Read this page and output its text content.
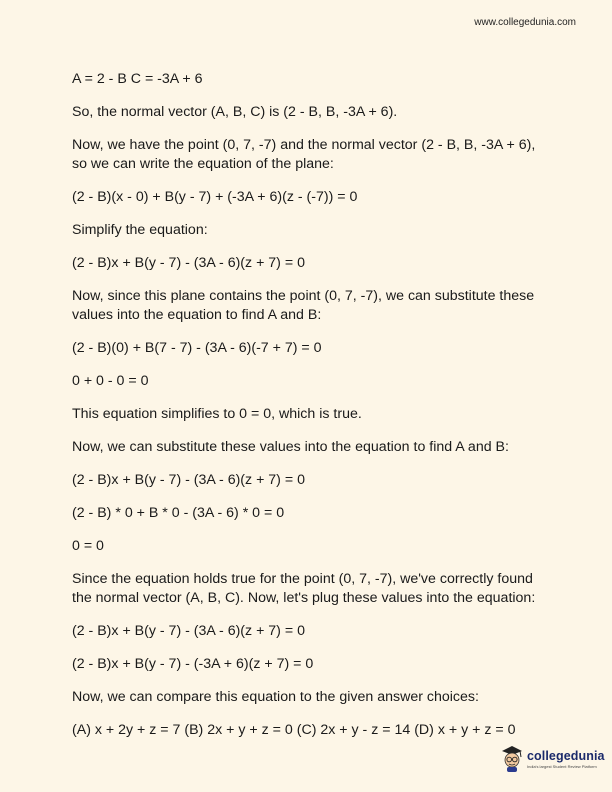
www.collegedunia.com

A = 2 - B C = -3A + 6

So, the normal vector (A, B, C) is (2 - B, B, -3A + 6).

Now, we have the point (0, 7, -7) and the normal vector (2 - B, B, -3A + 6), so we can write the equation of the plane:

(2 - B)(x - 0) + B(y - 7) + (-3A + 6)(z - (-7)) = 0

Simplify the equation:

(2 - B)x + B(y - 7) - (3A - 6)(z + 7) = 0

Now, since this plane contains the point (0, 7, -7), we can substitute these values into the equation to find A and B:

(2 - B)(0) + B(7 - 7) - (3A - 6)(-7 + 7) = 0

0 + 0 - 0 = 0

This equation simplifies to 0 = 0, which is true.

Now, we can substitute these values into the equation to find A and B:

(2 - B)x + B(y - 7) - (3A - 6)(z + 7) = 0

(2 - B) * 0 + B * 0 - (3A - 6) * 0 = 0

0 = 0

Since the equation holds true for the point (0, 7, -7), we've correctly found the normal vector (A, B, C). Now, let's plug these values into the equation:

(2 - B)x + B(y - 7) - (3A - 6)(z + 7) = 0

(2 - B)x + B(y - 7) - (-3A + 6)(z + 7) = 0

Now, we can compare this equation to the given answer choices:

(A) x + 2y + z = 7 (B) 2x + y + z = 0 (C) 2x + y - z = 14 (D) x + y + z = 0

collegedunia
India's largest Student Review Platform
